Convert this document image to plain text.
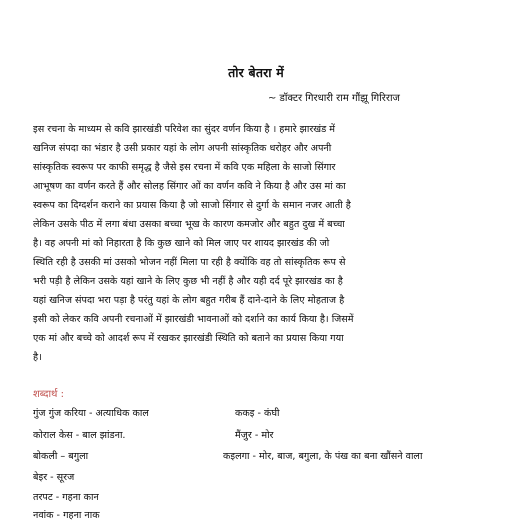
तोर बेतरा में
~ डॉक्टर गिरधारी राम गौंझू गिरिराज
इस रचना के माध्यम से कवि झारखंडी परिवेश का सुंदर वर्णन किया है । हमारे झारखंड में
खनिज संपदा का भंडार है उसी प्रकार यहां के लोग अपनी सांस्कृतिक धरोहर और अपनी
सांस्कृतिक स्वरूप पर काफी समृद्ध है जैसे इस रचना में कवि एक महिला के साजो सिंगार
आभूषण का वर्णन करते हैं और सोलह सिंगार ओं का वर्णन कवि ने किया है और उस मां का
स्वरूप का दिग्दर्शन कराने का प्रयास किया है जो साजो सिंगार से दुर्गा के समान नजर आती है
लेकिन उसके पीठ में लगा बंधा उसका बच्चा भूख के कारण कमजोर और बहुत दुख में बच्चा
है। वह अपनी मां को निहारता है कि कुछ खाने को मिल जाए पर शायद झारखंड की जो
स्थिति रही है उसकी मां उसको भोजन नहीं मिला पा रही है क्योंकि वह तो सांस्कृतिक रूप से
भरी पड़ी है लेकिन उसके यहां खाने के लिए कुछ भी नहीं है और यही दर्द पूरे झारखंड का है
यहां खनिज संपदा भरा पड़ा है परंतु यहां के लोग बहुत गरीब हैं दाने-दाने के लिए मोहताज है
इसी को लेकर कवि अपनी रचनाओं में झारखंडी भावनाओं को दर्शाने का कार्य किया है। जिसमें
एक मां और बच्चे को आदर्श रूप में रखकर झारखंडी स्थिति को बताने का प्रयास किया गया
है।
शब्दार्थ :
गुंज गुंज करिया - अत्याधिक काल	ककइ - कंघी
कोराल केस - बाल झांडना.	मैंजुर - मोर
बोकली – बगुला	कइलगा - मोर, बाज, बगुला, के पंख का बना खौंसने वाला
बेइर - सूरज
तरपट - गहना कान
नवांक - गहना नाक
